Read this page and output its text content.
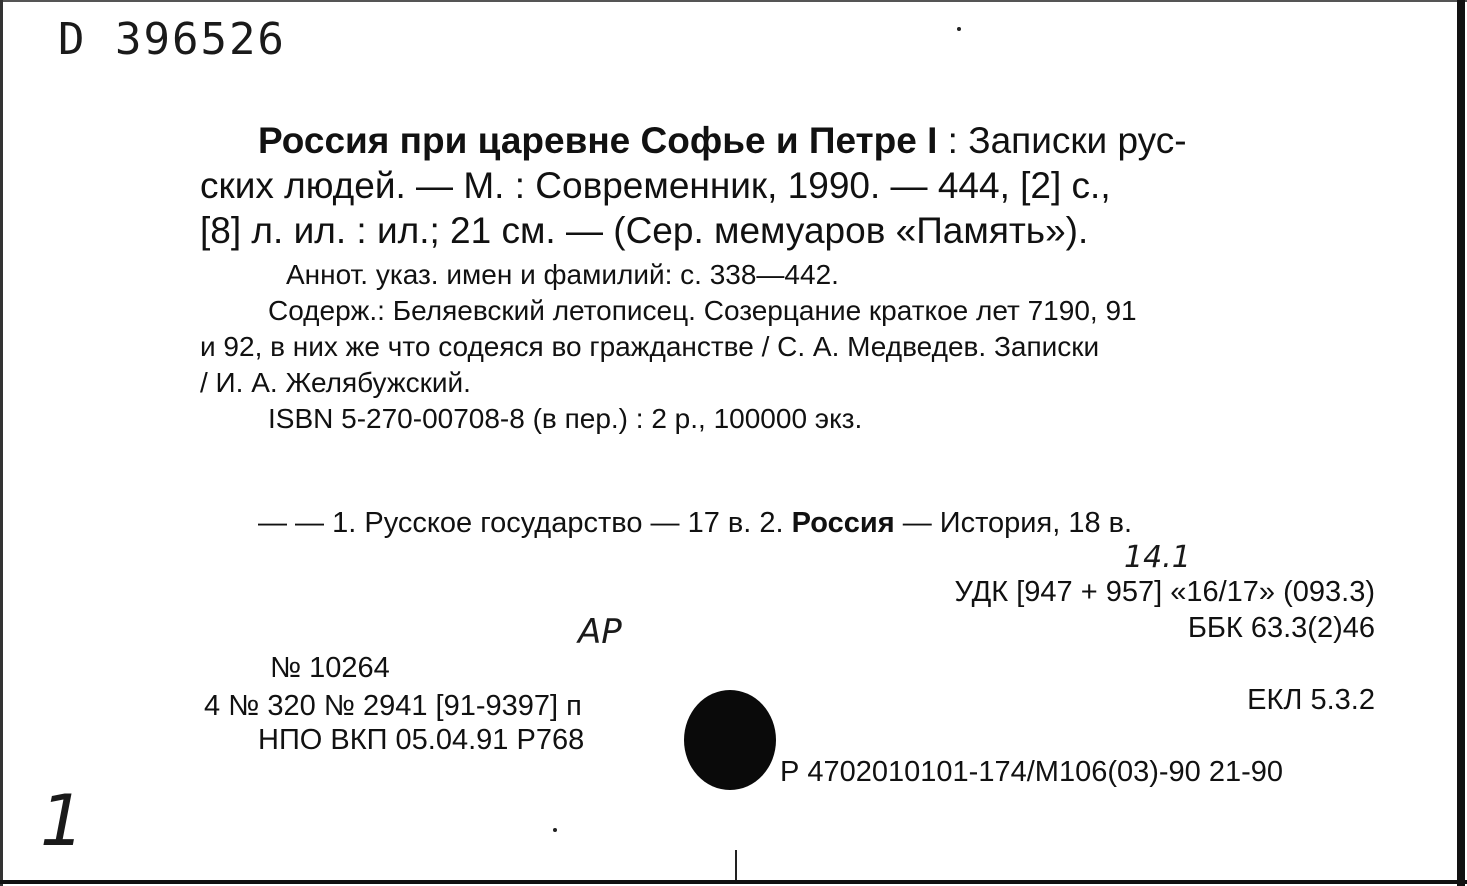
D 396526
Россия при царевне Софье и Петре I : Записки рус-
ских людей. — М. : Современник, 1990. — 444, [2] с.,
[8] л. ил. : ил.; 21 см. — (Сер. мемуаров «Память»).
Аннот. указ. имен и фамилий: с. 338—442.
Содерж.: Беляевский летописец. Созерцание краткое лет 7190, 91
и 92, в них же что содеяся во гражданстве / С. А. Медведев. Записки
/ И. А. Желябужский.
ISBN 5-270-00708-8 (в пер.) : 2 р., 100000 экз.
— — 1. Русское государство — 17 в. 2. Россия — История, 18 в.
14.1
УДК [947 + 957] «16/17» (093.3)
ББК 63.3(2)46
АР
№ 10264
4 № 320 № 2941 [91-9397] п
НПО ВКП 05.04.91 Р768
ЕКЛ 5.3.2
Р 4702010101-174/М106(03)-90 21-90
1
